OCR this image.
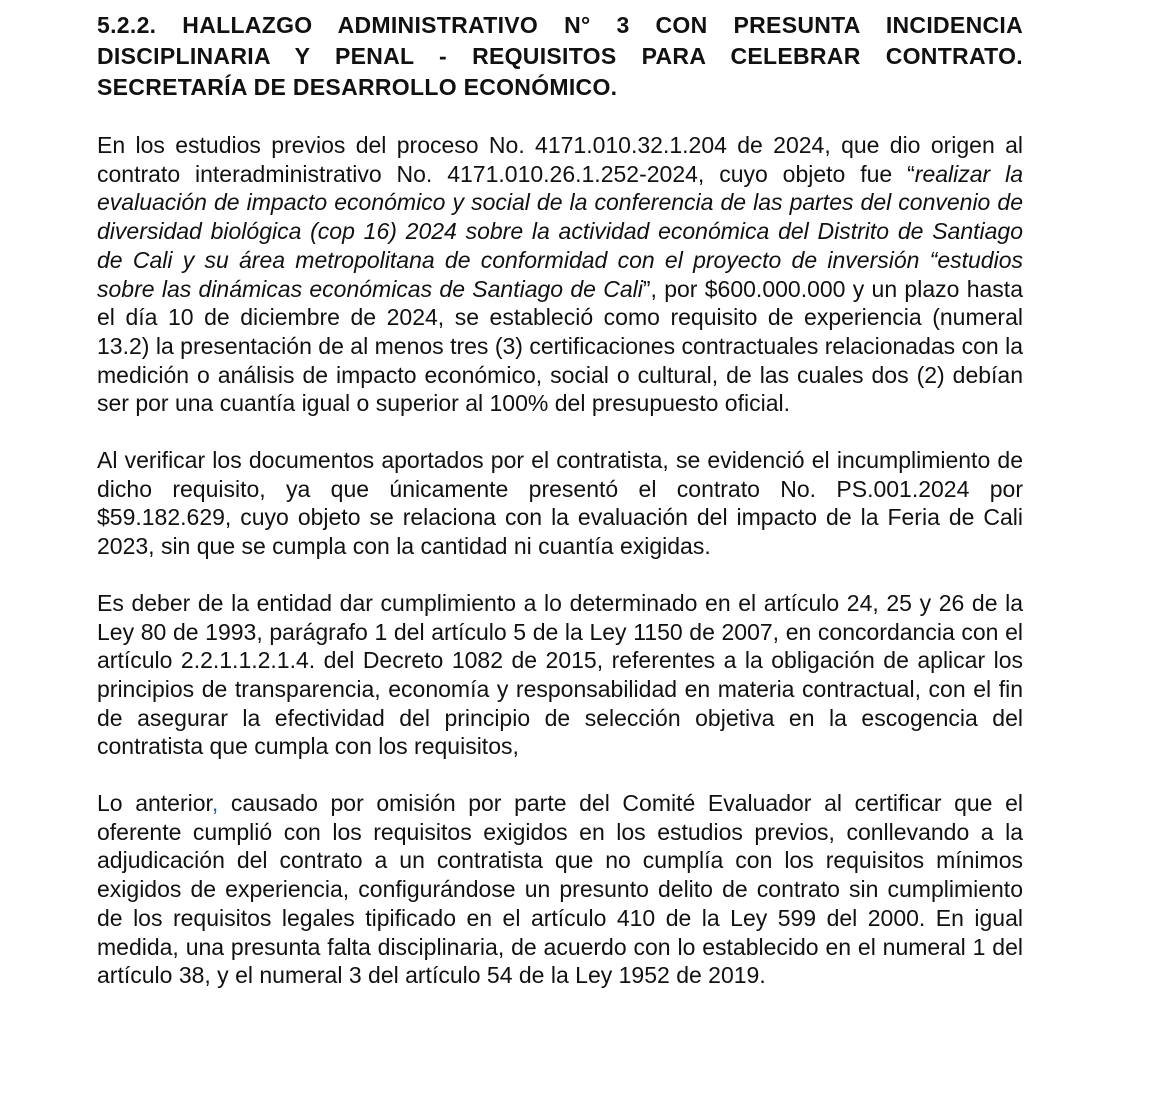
5.2.2. HALLAZGO ADMINISTRATIVO N° 3 CON PRESUNTA INCIDENCIA DISCIPLINARIA Y PENAL - REQUISITOS PARA CELEBRAR CONTRATO. SECRETARÍA DE DESARROLLO ECONÓMICO.

En los estudios previos del proceso No. 4171.010.32.1.204 de 2024, que dio origen al contrato interadministrativo No. 4171.010.26.1.252-2024, cuyo objeto fue “realizar la evaluación de impacto económico y social de la conferencia de las partes del convenio de diversidad biológica (cop 16) 2024 sobre la actividad económica del Distrito de Santiago de Cali y su área metropolitana de conformidad con el proyecto de inversión “estudios sobre las dinámicas económicas de Santiago de Cali”, por $600.000.000 y un plazo hasta el día 10 de diciembre de 2024, se estableció como requisito de experiencia (numeral 13.2) la presentación de al menos tres (3) certificaciones contractuales relacionadas con la medición o análisis de impacto económico, social o cultural, de las cuales dos (2) debían ser por una cuantía igual o superior al 100% del presupuesto oficial.

Al verificar los documentos aportados por el contratista, se evidenció el incumplimiento de dicho requisito, ya que únicamente presentó el contrato No. PS.001.2024 por $59.182.629, cuyo objeto se relaciona con la evaluación del impacto de la Feria de Cali 2023, sin que se cumpla con la cantidad ni cuantía exigidas.

Es deber de la entidad dar cumplimiento a lo determinado en el artículo 24, 25 y 26 de la Ley 80 de 1993, parágrafo 1 del artículo 5 de la Ley 1150 de 2007, en concordancia con el artículo 2.2.1.1.2.1.4. del Decreto 1082 de 2015, referentes a la obligación de aplicar los principios de transparencia, economía y responsabilidad en materia contractual, con el fin de asegurar la efectividad del principio de selección objetiva en la escogencia del contratista que cumpla con los requisitos,

Lo anterior, causado por omisión por parte del Comité Evaluador al certificar que el oferente cumplió con los requisitos exigidos en los estudios previos, conllevando a la adjudicación del contrato a un contratista que no cumplía con los requisitos mínimos exigidos de experiencia, configurándose un presunto delito de contrato sin cumplimiento de los requisitos legales tipificado en el artículo 410 de la Ley 599 del 2000. En igual medida, una presunta falta disciplinaria, de acuerdo con lo establecido en el numeral 1 del artículo 38, y el numeral 3 del artículo 54 de la Ley 1952 de 2019.
